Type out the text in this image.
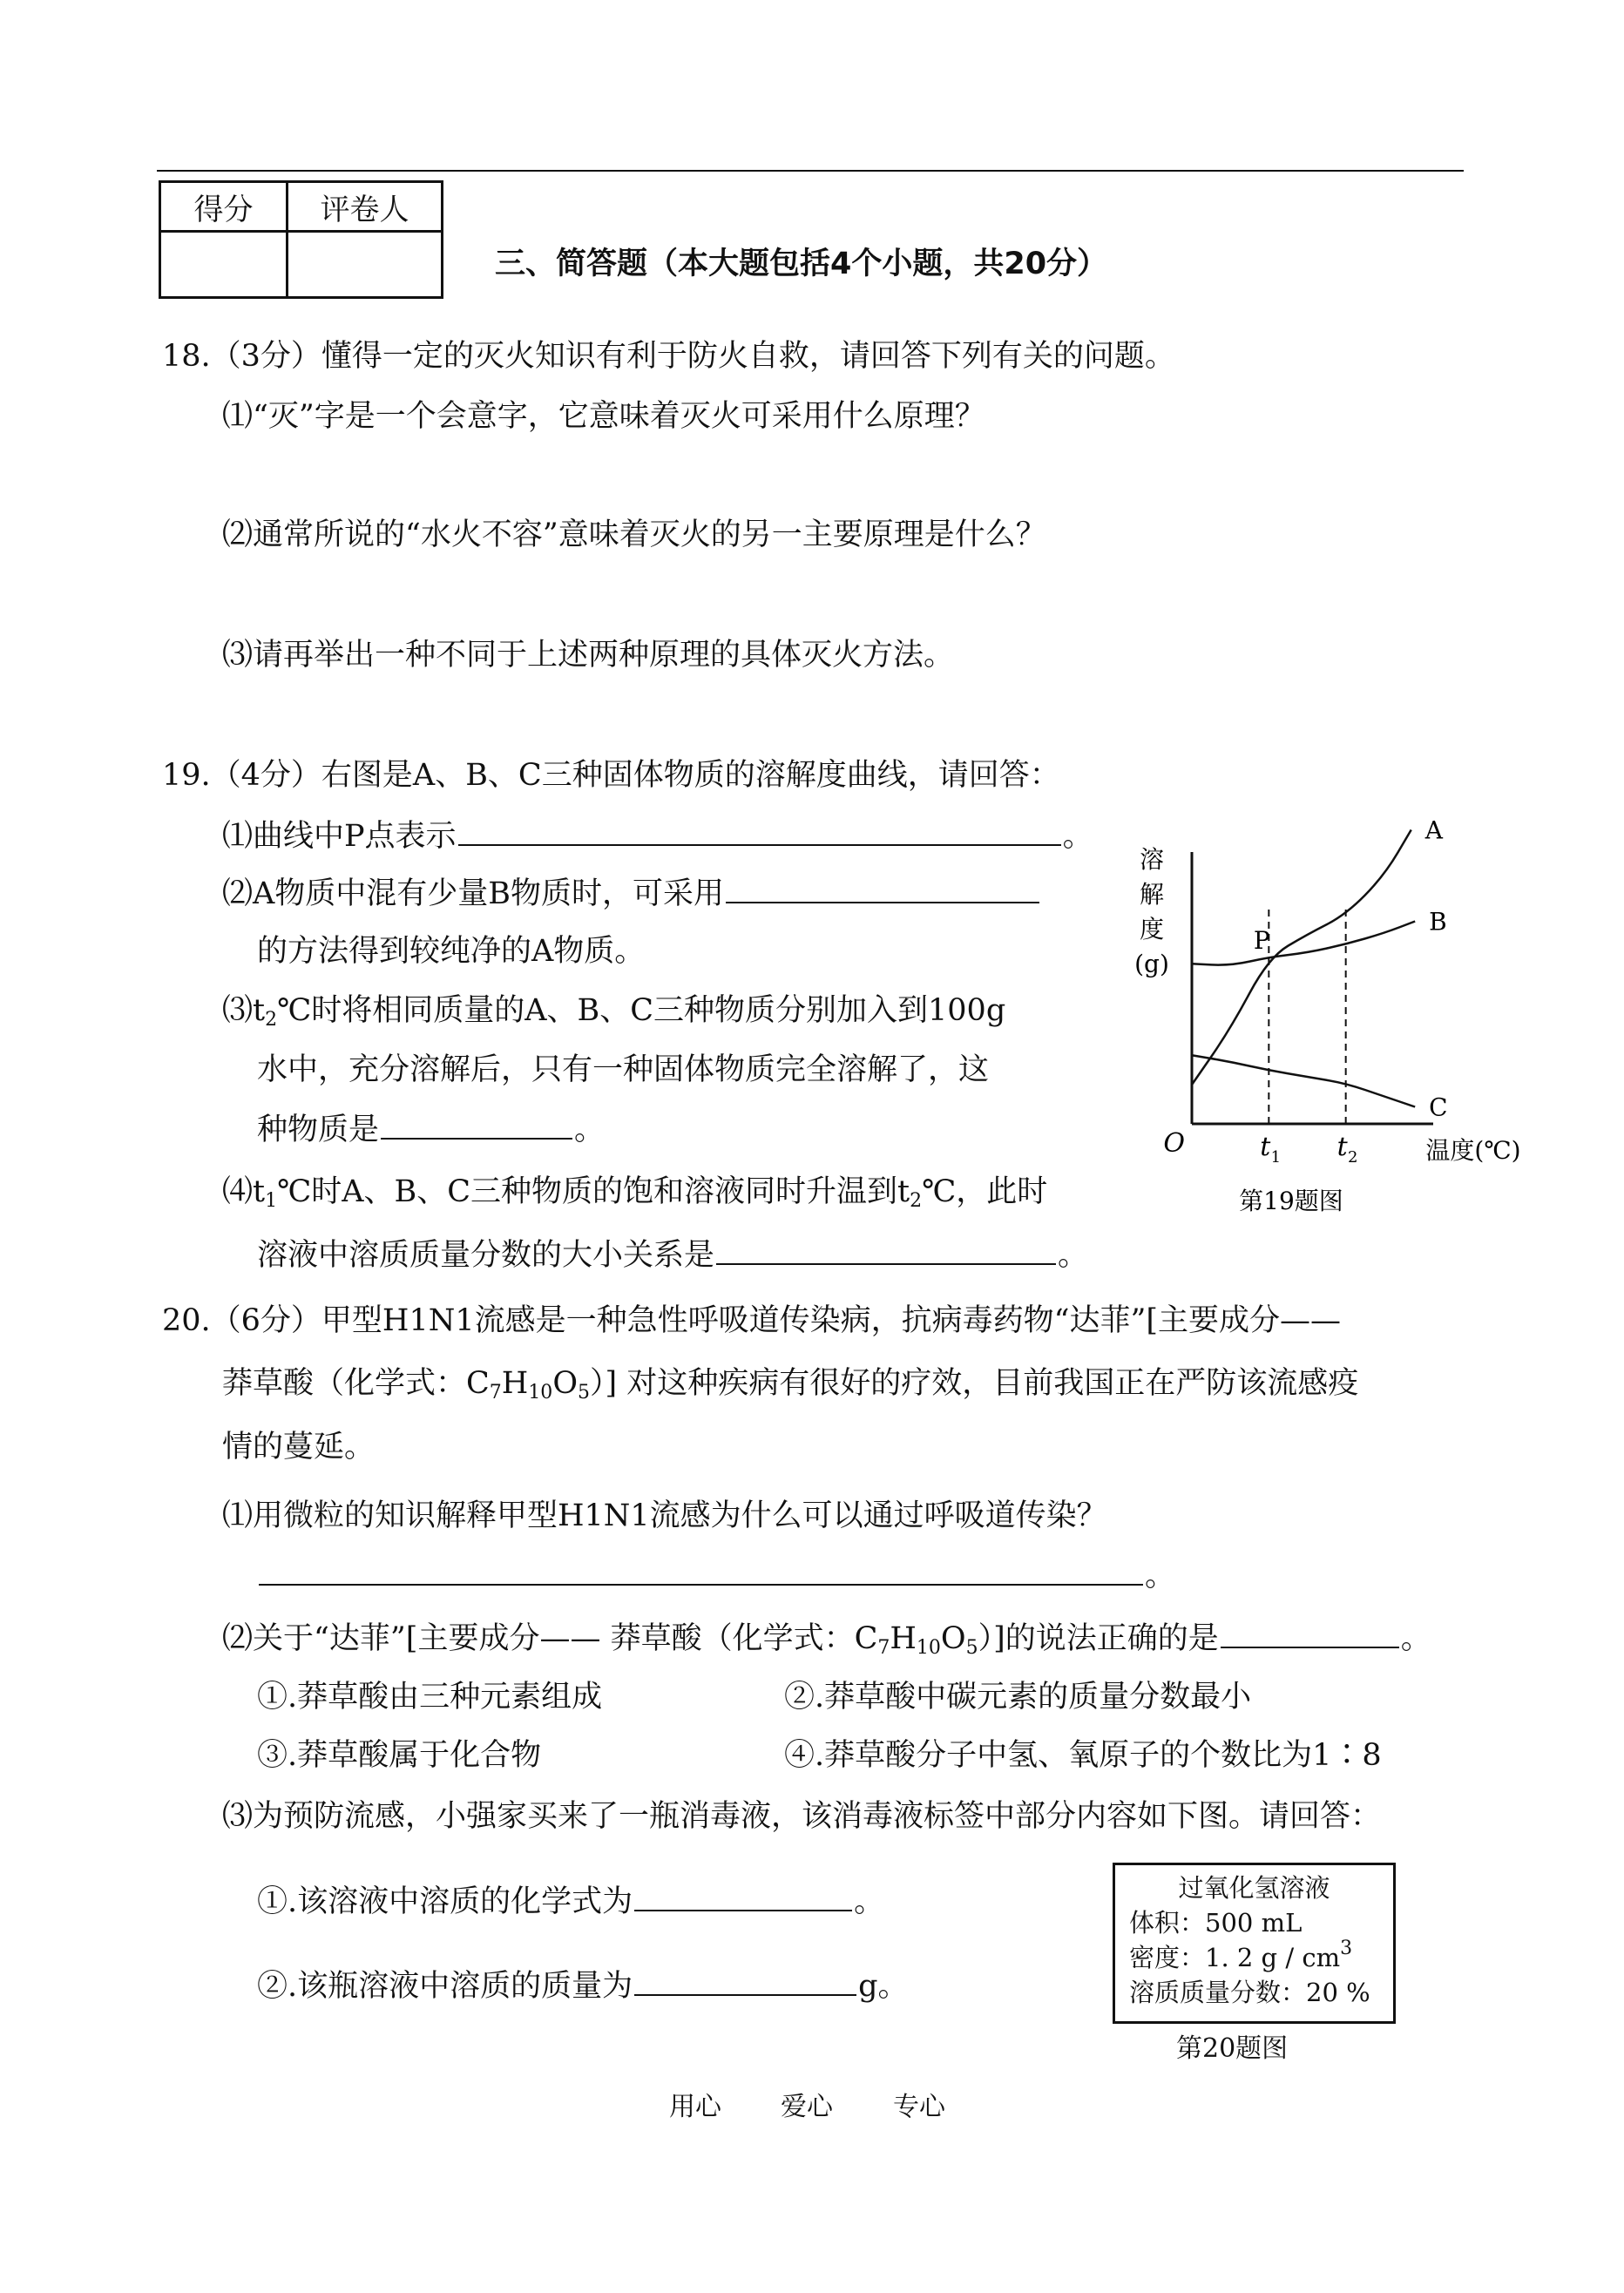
得分	评卷人

三、简答题（本大题包括4个小题，共20分）
18.（3分）懂得一定的灭火知识有利于防火自救，请回答下列有关的问题。
⑴“灭”字是一个会意字，它意味着灭火可采用什么原理？
⑵通常所说的“水火不容”意味着灭火的另一主要原理是什么？
⑶请再举出一种不同于上述两种原理的具体灭火方法。
19.（4分）右图是A、B、C三种固体物质的溶解度曲线，请回答：
⑴曲线中P点表示	。
⑵A物质中混有少量B物质时，可采用
的方法得到较纯净的A物质。
$⑶t_2℃$时将相同质量的A、B、C三种物质分别加入到100g
水中，充分溶解后，只有一种固体物质完全溶解了，这
种物质是	。
$⑷t_1℃$时A、B、C三种物质的饱和溶液同时升温到$t_2℃$，此时
溶液中溶质质量分数的大小关系是	。
溶
解
度
(g)
O	温度(℃)
t 1 t 2
A
B
C
P
第19题图
20.（6分）甲型H1N1流感是一种急性呼吸道传染病，抗病毒药物“达菲”[主要成分——
莽草酸（化学式：$C_7H_{10}O_5$）] 对这种疾病有很好的疗效，目前我国正在严防该流感疫
情的蔓延。
⑴用微粒的知识解释甲型H1N1流感为什么可以通过呼吸道传染？
。
⑵关于“达菲”[主要成分—— 莽草酸（化学式：$C_7H_{10}O_5$）]的说法正确的是	。
①.莽草酸由三种元素组成	②.莽草酸中碳元素的质量分数最小
③.莽草酸属于化合物	④.莽草酸分子中氢、氧原子的个数比为1∶8
⑶为预防流感，小强家买来了一瓶消毒液，该消毒液标签中部分内容如下图。请回答：
①.该溶液中溶质的化学式为	。
②.该瓶溶液中溶质的质量为	g。
过氧化氢溶液
体积：500 mL
密度：1. 2 g / $cm^3$
溶质质量分数：20 %
第20题图
用心 爱心 专心
